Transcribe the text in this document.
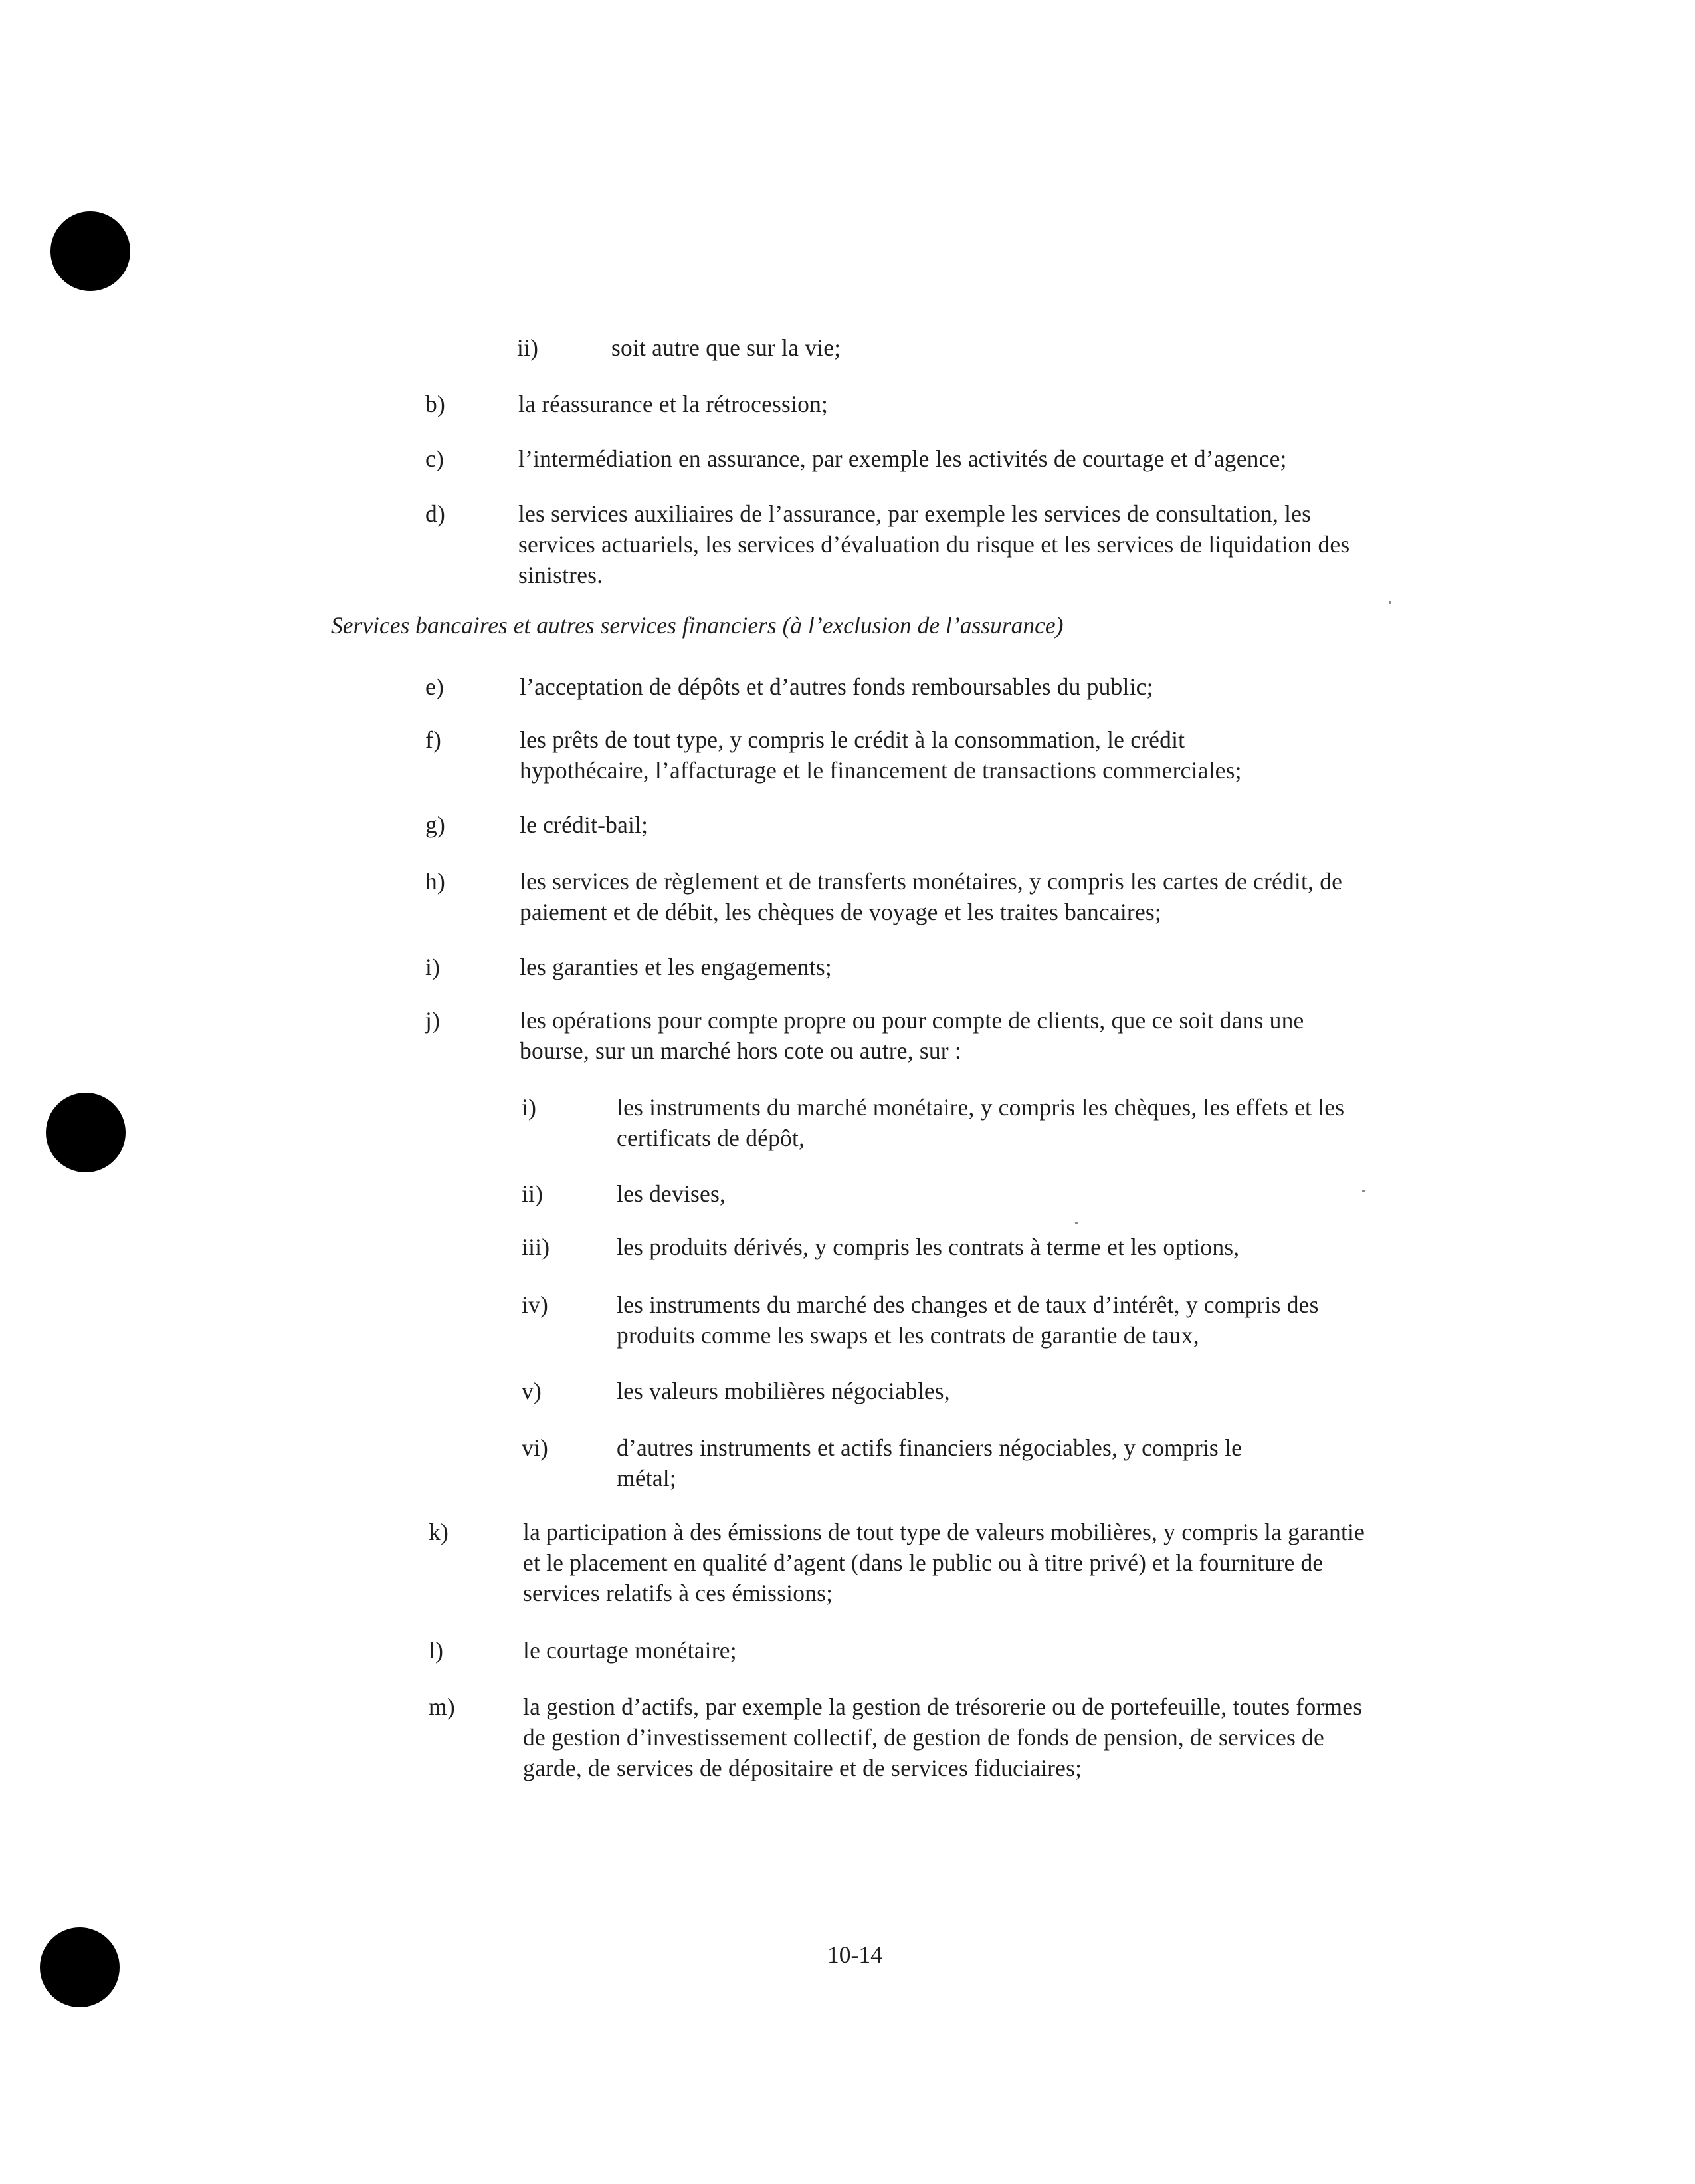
ii)	soit autre que sur la vie;
b)	la réassurance et la rétrocession;
c)	l’intermédiation en assurance, par exemple les activités de courtage et d’agence;
d)	les services auxiliaires de l’assurance, par exemple les services de consultation, les services actuariels, les services d’évaluation du risque et les services de liquidation des sinistres.
Services bancaires et autres services financiers (à l’exclusion de l’assurance)
e)	l’acceptation de dépôts et d’autres fonds remboursables du public;
f)	les prêts de tout type, y compris le crédit à la consommation, le crédit hypothécaire, l’affacturage et le financement de transactions commerciales;
g)	le crédit-bail;
h)	les services de règlement et de transferts monétaires, y compris les cartes de crédit, de paiement et de débit, les chèques de voyage et les traites bancaires;
i)	les garanties et les engagements;
j)	les opérations pour compte propre ou pour compte de clients, que ce soit dans une bourse, sur un marché hors cote ou autre, sur :
i)	les instruments du marché monétaire, y compris les chèques, les effets et les certificats de dépôt,
ii)	les devises,
iii)	les produits dérivés, y compris les contrats à terme et les options,
iv)	les instruments du marché des changes et de taux d’intérêt, y compris des produits comme les swaps et les contrats de garantie de taux,
v)	les valeurs mobilières négociables,
vi)	d’autres instruments et actifs financiers négociables, y compris le métal;
k)	la participation à des émissions de tout type de valeurs mobilières, y compris la garantie et le placement en qualité d’agent (dans le public ou à titre privé) et la fourniture de services relatifs à ces émissions;
l)	le courtage monétaire;
m)	la gestion d’actifs, par exemple la gestion de trésorerie ou de portefeuille, toutes formes de gestion d’investissement collectif, de gestion de fonds de pension, de services de garde, de services de dépositaire et de services fiduciaires;
10-14
